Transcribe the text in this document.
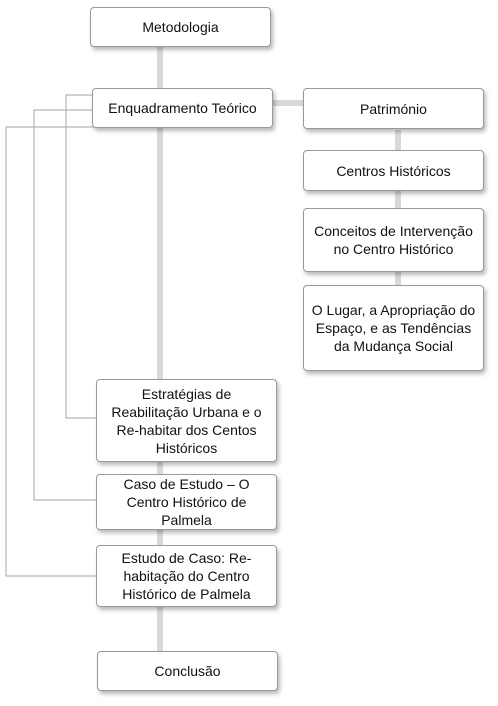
Metodologia
Enquadramento Teórico	Património
Centros Históricos
Conceitos de Intervenção no Centro Histórico
O Lugar, a Apropriação do Espaço, e as Tendências da Mudança Social
Estratégias de Reabilitação Urbana e o Re-habitar dos Centos Históricos
Caso de Estudo – O Centro Histórico de Palmela
Estudo de Caso: Re-habitação do Centro Histórico de Palmela
Conclusão
